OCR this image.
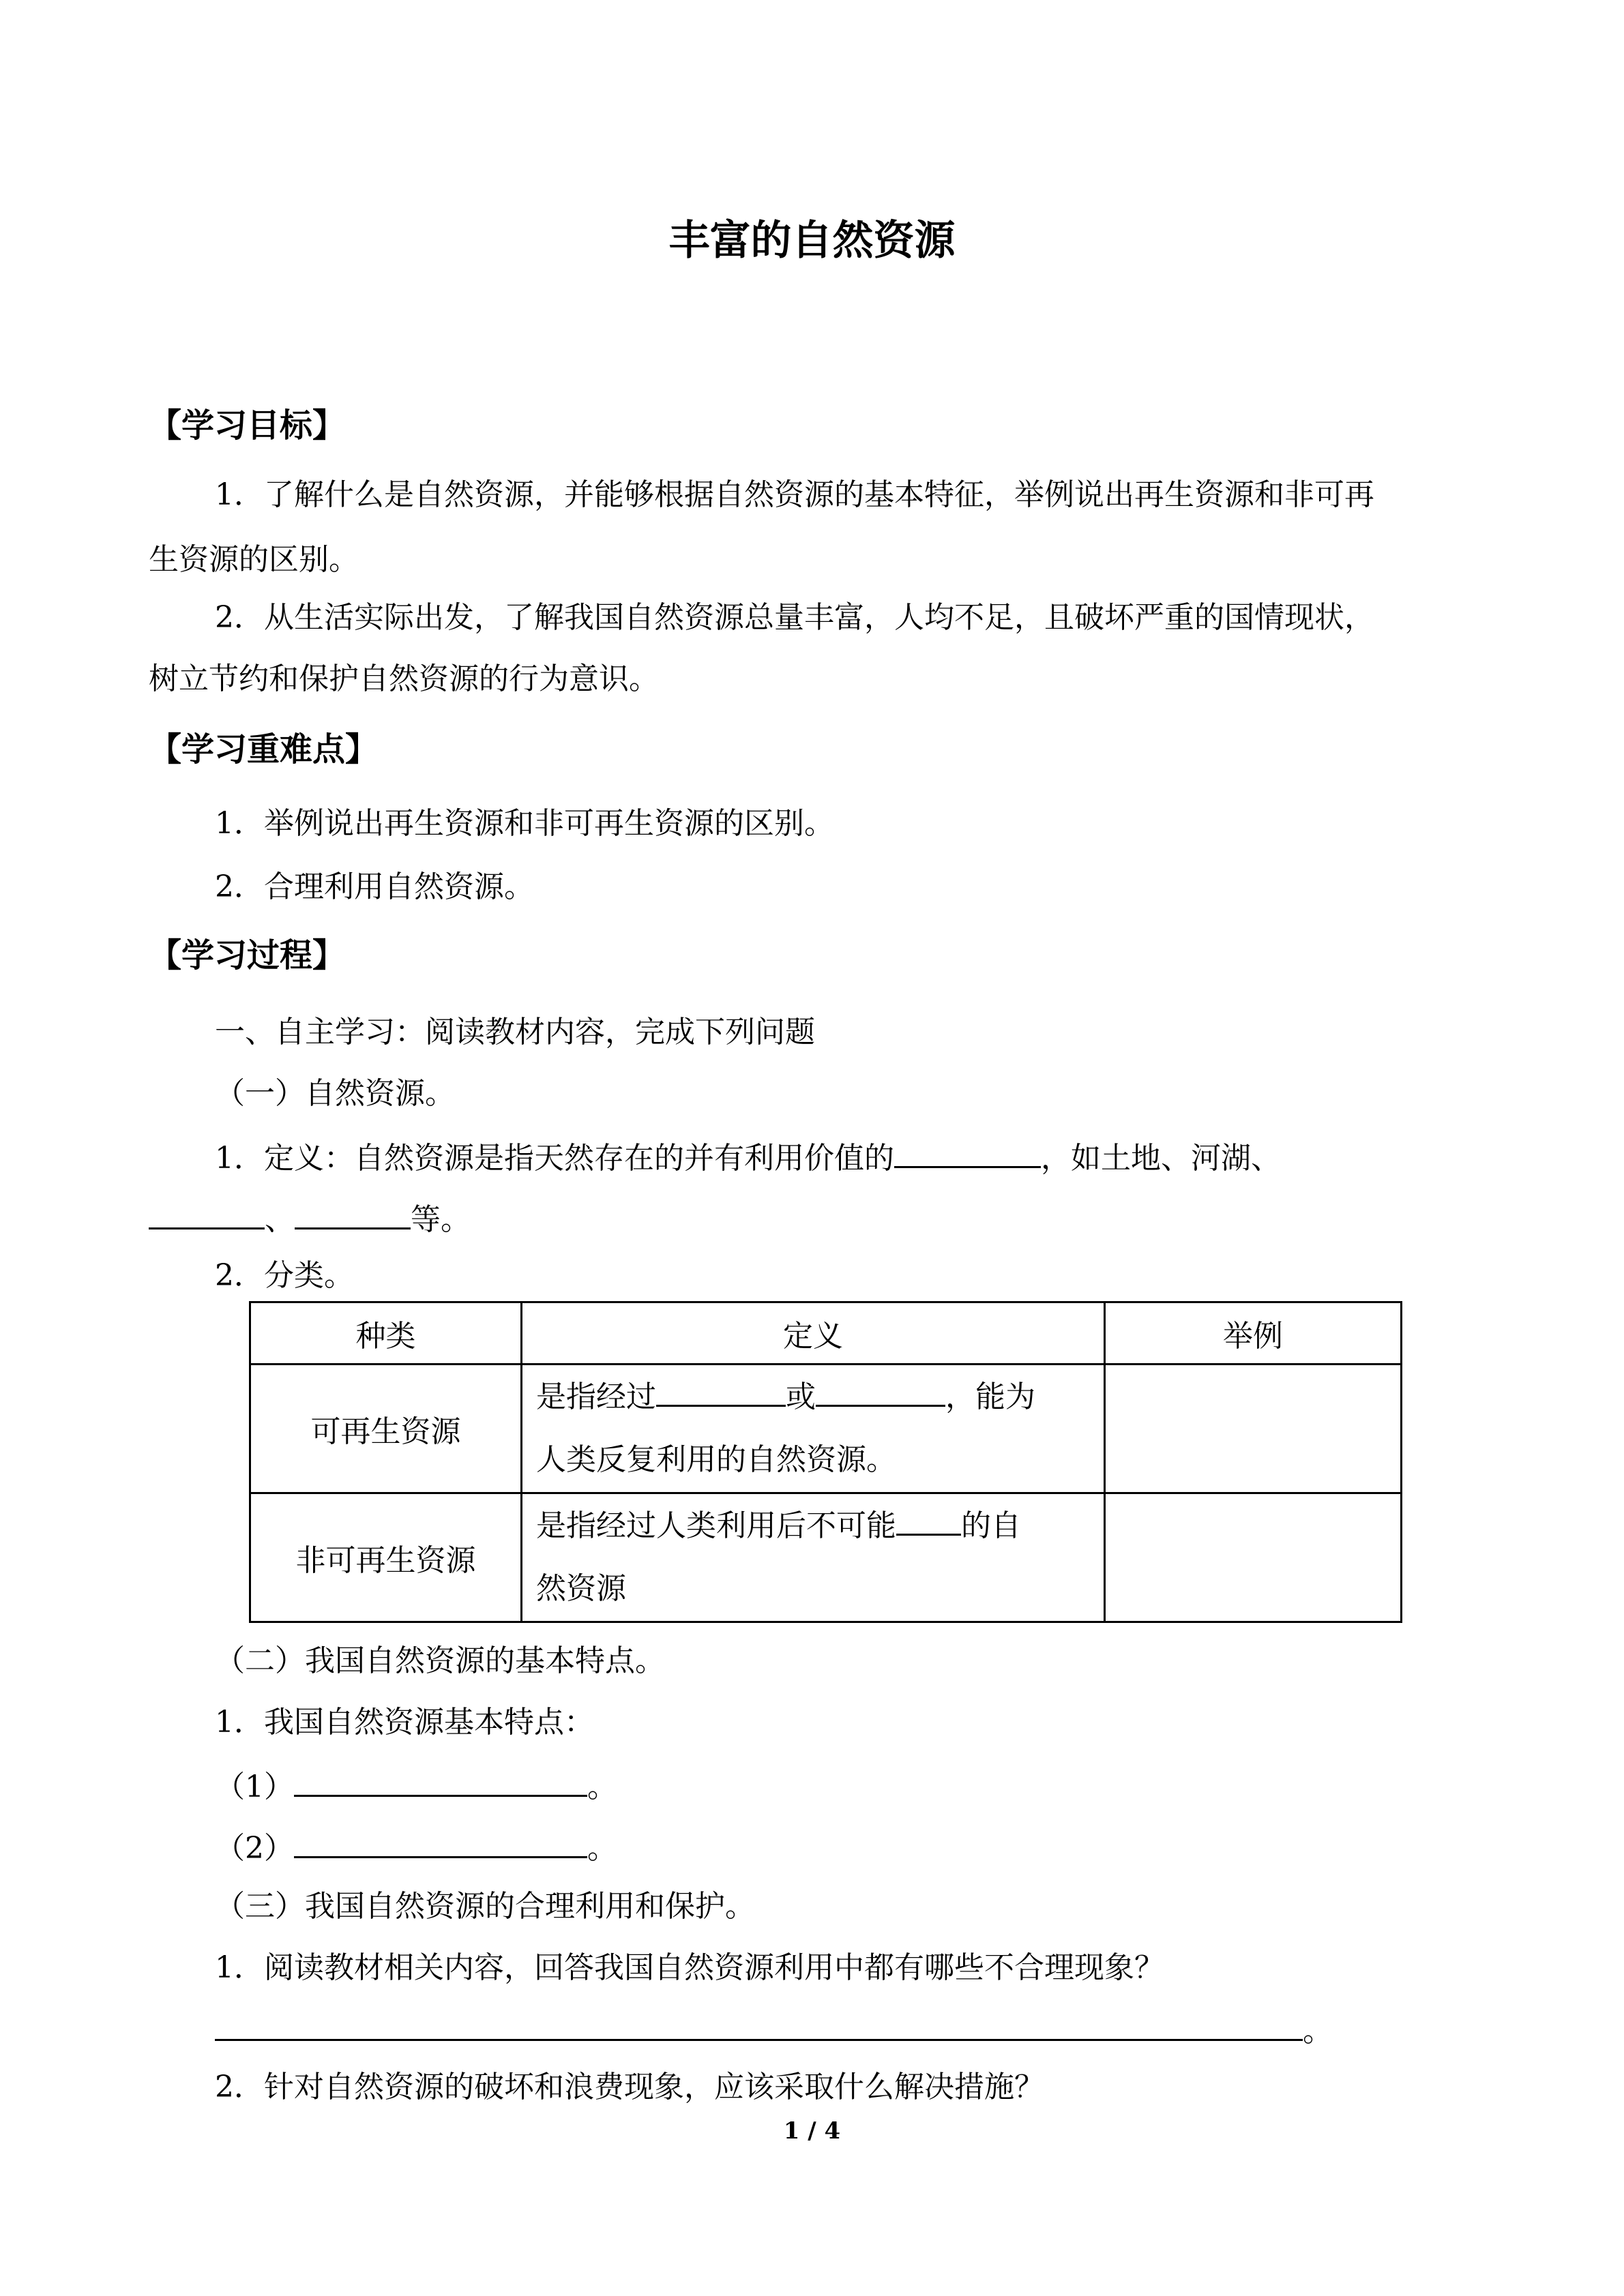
丰富的自然资源
【学习目标】
1．了解什么是自然资源，并能够根据自然资源的基本特征，举例说出再生资源和非可再
生资源的区别。
2．从生活实际出发，了解我国自然资源总量丰富，人均不足，且破坏严重的国情现状，
树立节约和保护自然资源的行为意识。
【学习重难点】
1．举例说出再生资源和非可再生资源的区别。
2．合理利用自然资源。
【学习过程】
一、自主学习：阅读教材内容，完成下列问题
（一）自然资源。
1．定义：自然资源是指天然存在的并有利用价值的	，如土地、河湖、
、	等。
2．分类。
种类	定义	举例
可再生资源	是指经过 或 ，能为
人类反复利用的自然资源。	

非可再生资源	是指经过人类利用后不可能 的自
然资源	

（二）我国自然资源的基本特点。
1．我国自然资源基本特点：
（1）	。
（2）	。
（三）我国自然资源的合理利用和保护。
1．阅读教材相关内容，回答我国自然资源利用中都有哪些不合理现象？
。
2．针对自然资源的破坏和浪费现象，应该采取什么解决措施？
1 / 4
